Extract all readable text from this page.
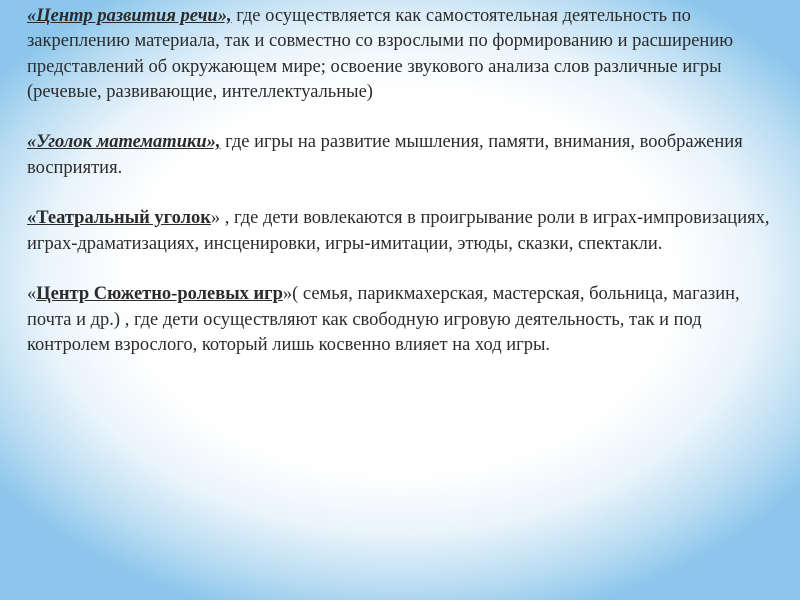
«Центр развития речи», где осуществляется как самостоятельная деятельность по закреплению материала, так и совместно со взрослыми по формированию и расширению представлений об окружающем мире; освоение звукового анализа слов различные игры (речевые, развивающие, интеллектуальные)

«Уголок математики», где игры на развитие мышления, памяти, внимания, воображения восприятия.

«Театральный уголок» , где дети вовлекаются в проигрывание роли в играх-импровизациях, играх-драматизациях, инсценировки, игры-имитации, этюды, сказки, спектакли.

«Центр Сюжетно-ролевых игр»( семья, парикмахерская, мастерская, больница, магазин, почта и др.) , где дети осуществляют как свободную игровую деятельность, так и под контролем взрослого, который лишь косвенно влияет на ход игры.
